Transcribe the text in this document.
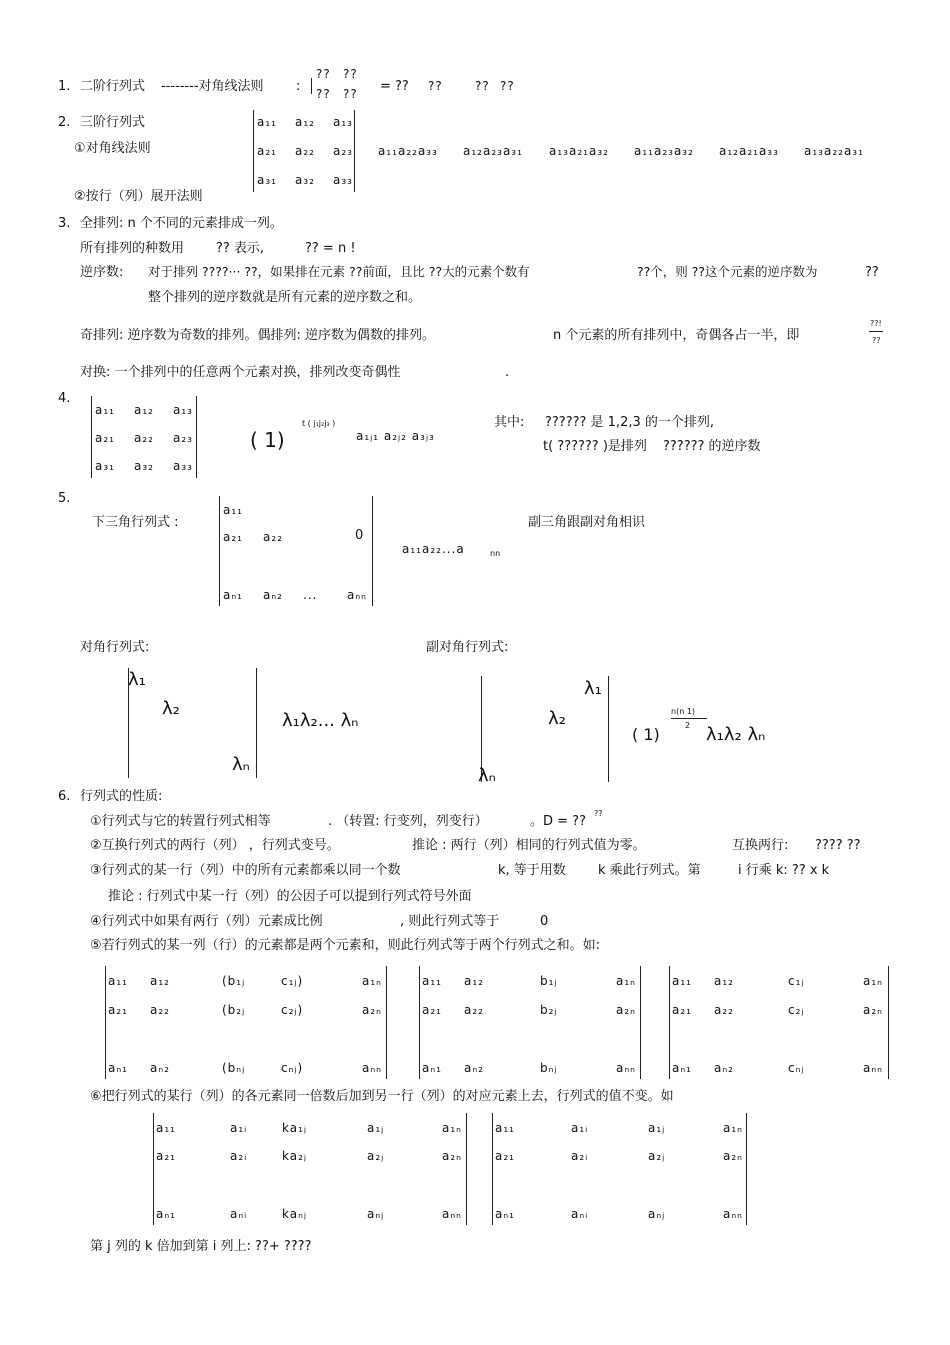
1. 二阶行列式 --------对角线法则 :
?? ??
?? ?? = ?? ??	?? ??
2. 三阶行列式
①对角线法则
②按行（列）展开法则
a₁₁ a₁₂ a₁₃
a₂₁ a₂₂ a₂₃
a₃₁ a₃₂ a₃₃
a₁₁a₂₂a₃₃ a₁₂a₂₃a₃₁ a₁₃a₂₁a₃₂ a₁₁a₂₃a₃₂ a₁₂a₂₁a₃₃ a₁₃a₂₂a₃₁
3. 全排列: n 个不同的元素排成一列。
所有排列的种数用 ?? 表示,	?? = n !
逆序数: 对于排列 ????··· ??，如果排在元素 ??前面，且比 ??大的元素个数有	??个，则 ??这个元素的逆序数为	??
整个排列的逆序数就是所有元素的逆序数之和。
奇排列: 逆序数为奇数的排列。偶排列: 逆序数为偶数的排列。	n 个元素的所有排列中，奇偶各占一半，即
??!
??
对换: 一个排列中的任意两个元素对换，排列改变奇偶性	.
4.
a₁₁ a₁₂ a₁₃
a₂₁ a₂₂ a₂₃
a₃₁ a₃₂ a₃₃
( 1)
t ( j₁j₂j₃ )
a₁ⱼ₁ a₂ⱼ₂ a₃ⱼ₃
其中: ?????? 是 1,2,3 的一个排列,
t( ?????? )是排列 ?????? 的逆序数
5.
下三角行列式 :
a₁₁
a₂₁ a₂₂	0
aₙ₁ aₙ₂ ... aₙₙ
a₁₁a₂₂...a	nn
副三角跟副对角相识
对角行列式:	副对角行列式:
λ₁
λ₂
λₙ
λ₁λ₂... λₙ
λ₁
λ₂
λₙ
( 1)
n(n 1)
2 λ₁λ₂ λₙ
6. 行列式的性质:
①行列式与它的转置行列式相等	. （转置: 行变列，列变行）	。D = ??
??
②互换行列式的两行（列） ，行列式变号。	推论 : 两行（列）相同的行列式值为零。	互换两行: ???? ??
③行列式的某一行（列）中的所有元素都乘以同一个数	k, 等于用数 k 乘此行列式。第	i 行乘 k: ?? x k
推论 : 行列式中某一行（列）的公因子可以提到行列式符号外面
④行列式中如果有两行（列）元素成比例	, 则此行列式等于	0
⑤若行列式的某一列（行）的元素都是两个元素和，则此行列式等于两个行列式之和。如:
a₁₁ a₁₂	(b₁ⱼ	c₁ⱼ)	a₁ₙ
a₂₁ a₂₂	(b₂ⱼ	c₂ⱼ)	a₂ₙ
aₙ₁ aₙ₂	(bₙⱼ	cₙⱼ)	aₙₙ
a₁₁ a₁₂	b₁ⱼ	a₁ₙ
a₂₁ a₂₂	b₂ⱼ	a₂ₙ
aₙ₁ aₙ₂	bₙⱼ	aₙₙ
a₁₁ a₁₂	c₁ⱼ	a₁ₙ
a₂₁ a₂₂	c₂ⱼ	a₂ₙ
aₙ₁ aₙ₂	cₙⱼ	aₙₙ
⑥把行列式的某行（列）的各元素同一倍数后加到另一行（列）的对应元素上去，行列式的值不变。如
a₁₁	a₁ᵢ	ka₁ⱼ	a₁ⱼ	a₁ₙ
a₂₁	a₂ᵢ	ka₂ⱼ	a₂ⱼ	a₂ₙ
aₙ₁	aₙᵢ	kaₙⱼ	aₙⱼ	aₙₙ
a₁₁	a₁ᵢ	a₁ⱼ	a₁ₙ
a₂₁	a₂ᵢ	a₂ⱼ	a₂ₙ
aₙ₁	aₙᵢ	aₙⱼ	aₙₙ
第 j 列的 k 倍加到第 i 列上: ??+ ????
